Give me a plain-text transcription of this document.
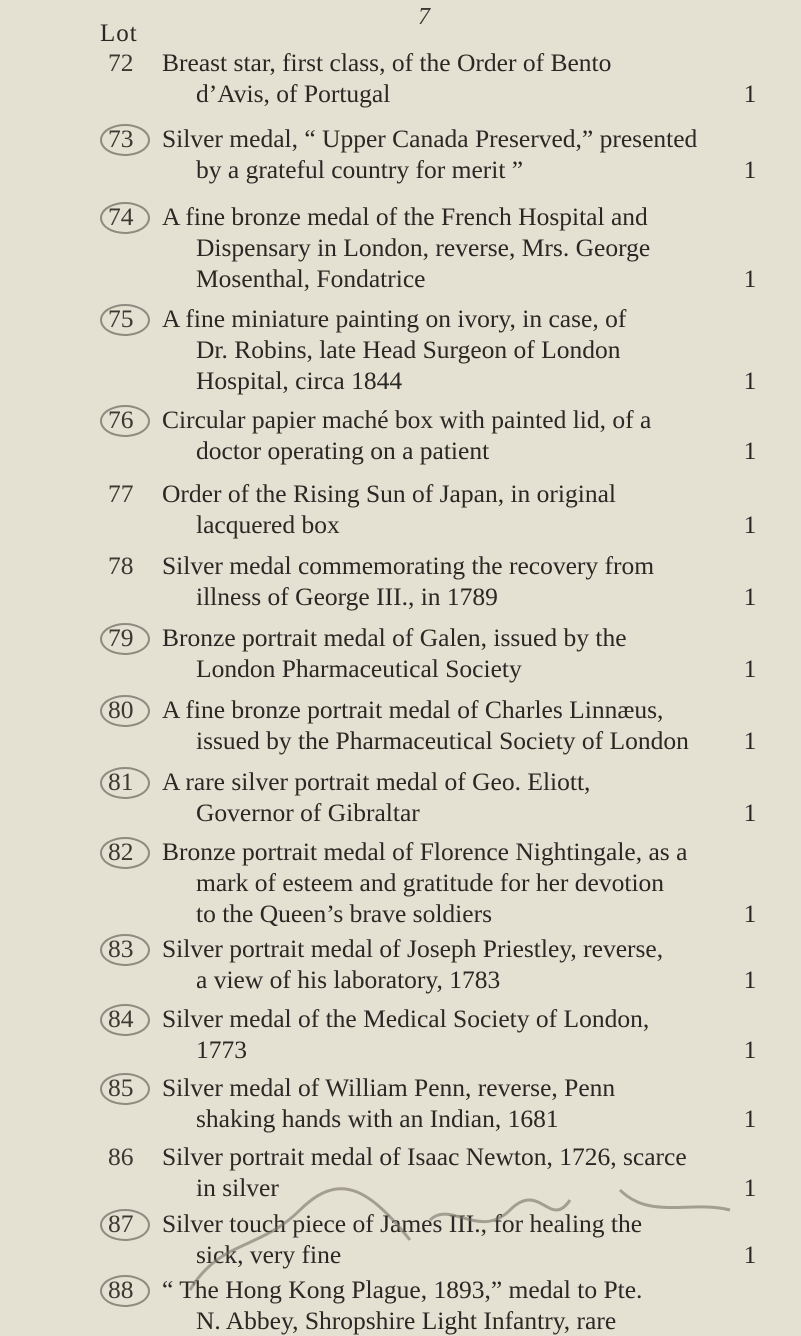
7
Lot
72	Breast star, first class, of the Order of Bento
d’Avis, of Portugal	1
73	Silver medal, “ Upper Canada Preserved,” presented
by a grateful country for merit ”	1
74	A fine bronze medal of the French Hospital and
Dispensary in London, reverse, Mrs. George
Mosenthal, Fondatrice	1
75	A fine miniature painting on ivory, in case, of
Dr. Robins, late Head Surgeon of London
Hospital, circa 1844	1
76	Circular papier maché box with painted lid, of a
doctor operating on a patient	1
77	Order of the Rising Sun of Japan, in original
lacquered box	1
78	Silver medal commemorating the recovery from
illness of George III., in 1789	1
79	Bronze portrait medal of Galen, issued by the
London Pharmaceutical Society	1
80	A fine bronze portrait medal of Charles Linnæus,
issued by the Pharmaceutical Society of London	1
81	A rare silver portrait medal of Geo. Eliott,
Governor of Gibraltar	1
82	Bronze portrait medal of Florence Nightingale, as a
mark of esteem and gratitude for her devotion
to the Queen’s brave soldiers	1
83	Silver portrait medal of Joseph Priestley, reverse,
a view of his laboratory, 1783	1
84	Silver medal of the Medical Society of London,
1773	1
85	Silver medal of William Penn, reverse, Penn
shaking hands with an Indian, 1681	1
86	Silver portrait medal of Isaac Newton, 1726, scarce
in silver	1
87	Silver touch piece of James III., for healing the
sick, very fine	1
88	“ The Hong Kong Plague, 1893,” medal to Pte.
N. Abbey, Shropshire Light Infantry, rare
